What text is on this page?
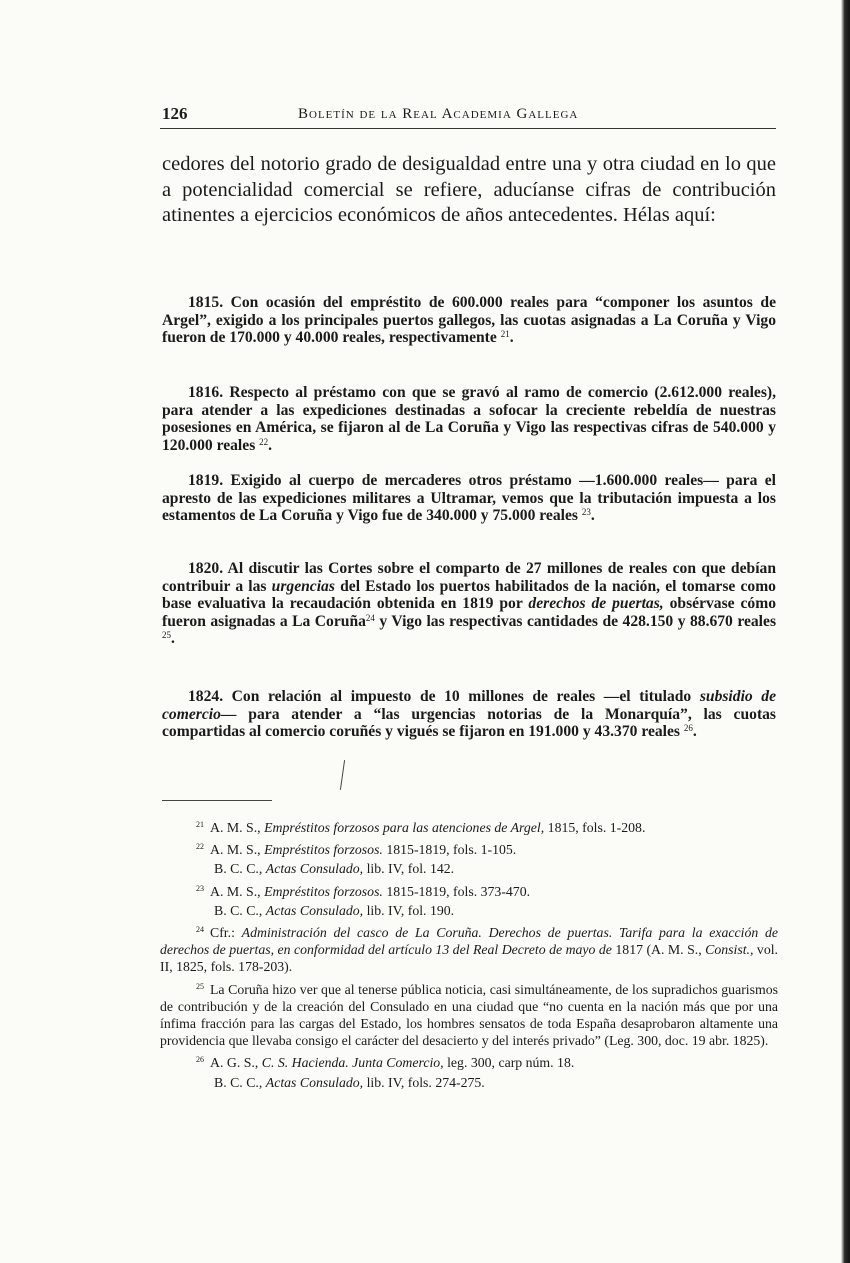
126	Boletín de la Real Academia Gallega

cedores del notorio grado de desigualdad entre una y otra ciudad en lo que a potencialidad comercial se refiere, aducíanse cifras de contribución atinentes a ejercicios económicos de años antecedentes. Hélas aquí:

1815. Con ocasión del empréstito de 600.000 reales para “componer los asuntos de Argel”, exigido a los principales puertos gallegos, las cuotas asignadas a La Coruña y Vigo fueron de 170.000 y 40.000 reales, respectivamente $^{21}$.

1816. Respecto al préstamo con que se gravó al ramo de comercio (2.612.000 reales), para atender a las expediciones destinadas a sofocar la creciente rebeldía de nuestras posesiones en América, se fijaron al de La Coruña y Vigo las respectivas cifras de 540.000 y 120.000 reales $^{22}$.

1819. Exigido al cuerpo de mercaderes otros préstamo —1.600.000 reales— para el apresto de las expediciones militares a Ultramar, vemos que la tributación impuesta a los estamentos de La Coruña y Vigo fue de 340.000 y 75.000 reales $^{23}$.

1820. Al discutir las Cortes sobre el comparto de 27 millones de reales con que debían contribuir a las urgencias del Estado los puertos habilitados de la nación, el tomarse como base evaluativa la recaudación obtenida en 1819 por derechos de puertas, obsérvase cómo fueron asignadas a La Coruña$^{24}$ y Vigo las respectivas cantidades de 428.150 y 88.670 reales $^{25}$.

1824. Con relación al impuesto de 10 millones de reales —el titulado subsidio de comercio— para atender a “las urgencias notorias de la Monarquía”, las cuotas compartidas al comercio coruñés y vigués se fijaron en 191.000 y 43.370 reales $^{26}$.

$^{21}$ A. M. S., Empréstitos forzosos para las atenciones de Argel, 1815, fols. 1-208.

$^{22}$ A. M. S., Empréstitos forzosos. 1815-1819, fols. 1-105.

B. C. C., Actas Consulado, lib. IV, fol. 142.

$^{23}$ A. M. S., Empréstitos forzosos. 1815-1819, fols. 373-470.

B. C. C., Actas Consulado, lib. IV, fol. 190.

$^{24}$ Cfr.: Administración del casco de La Coruña. Derechos de puertas. Tarifa para la exacción de derechos de puertas, en conformidad del artículo 13 del Real Decreto de mayo de 1817 (A. M. S., Consist., vol. II, 1825, fols. 178-203).

$^{25}$ La Coruña hizo ver que al tenerse pública noticia, casi simultáneamente, de los supradichos guarismos de contribución y de la creación del Consulado en una ciudad que “no cuenta en la nación más que por una ínfima fracción para las cargas del Estado, los hombres sensatos de toda España desaprobaron altamente una providencia que llevaba consigo el carácter del desacierto y del interés privado” (Leg. 300, doc. 19 abr. 1825).

$^{26}$ A. G. S., C. S. Hacienda. Junta Comercio, leg. 300, carp núm. 18.

B. C. C., Actas Consulado, lib. IV, fols. 274-275.
